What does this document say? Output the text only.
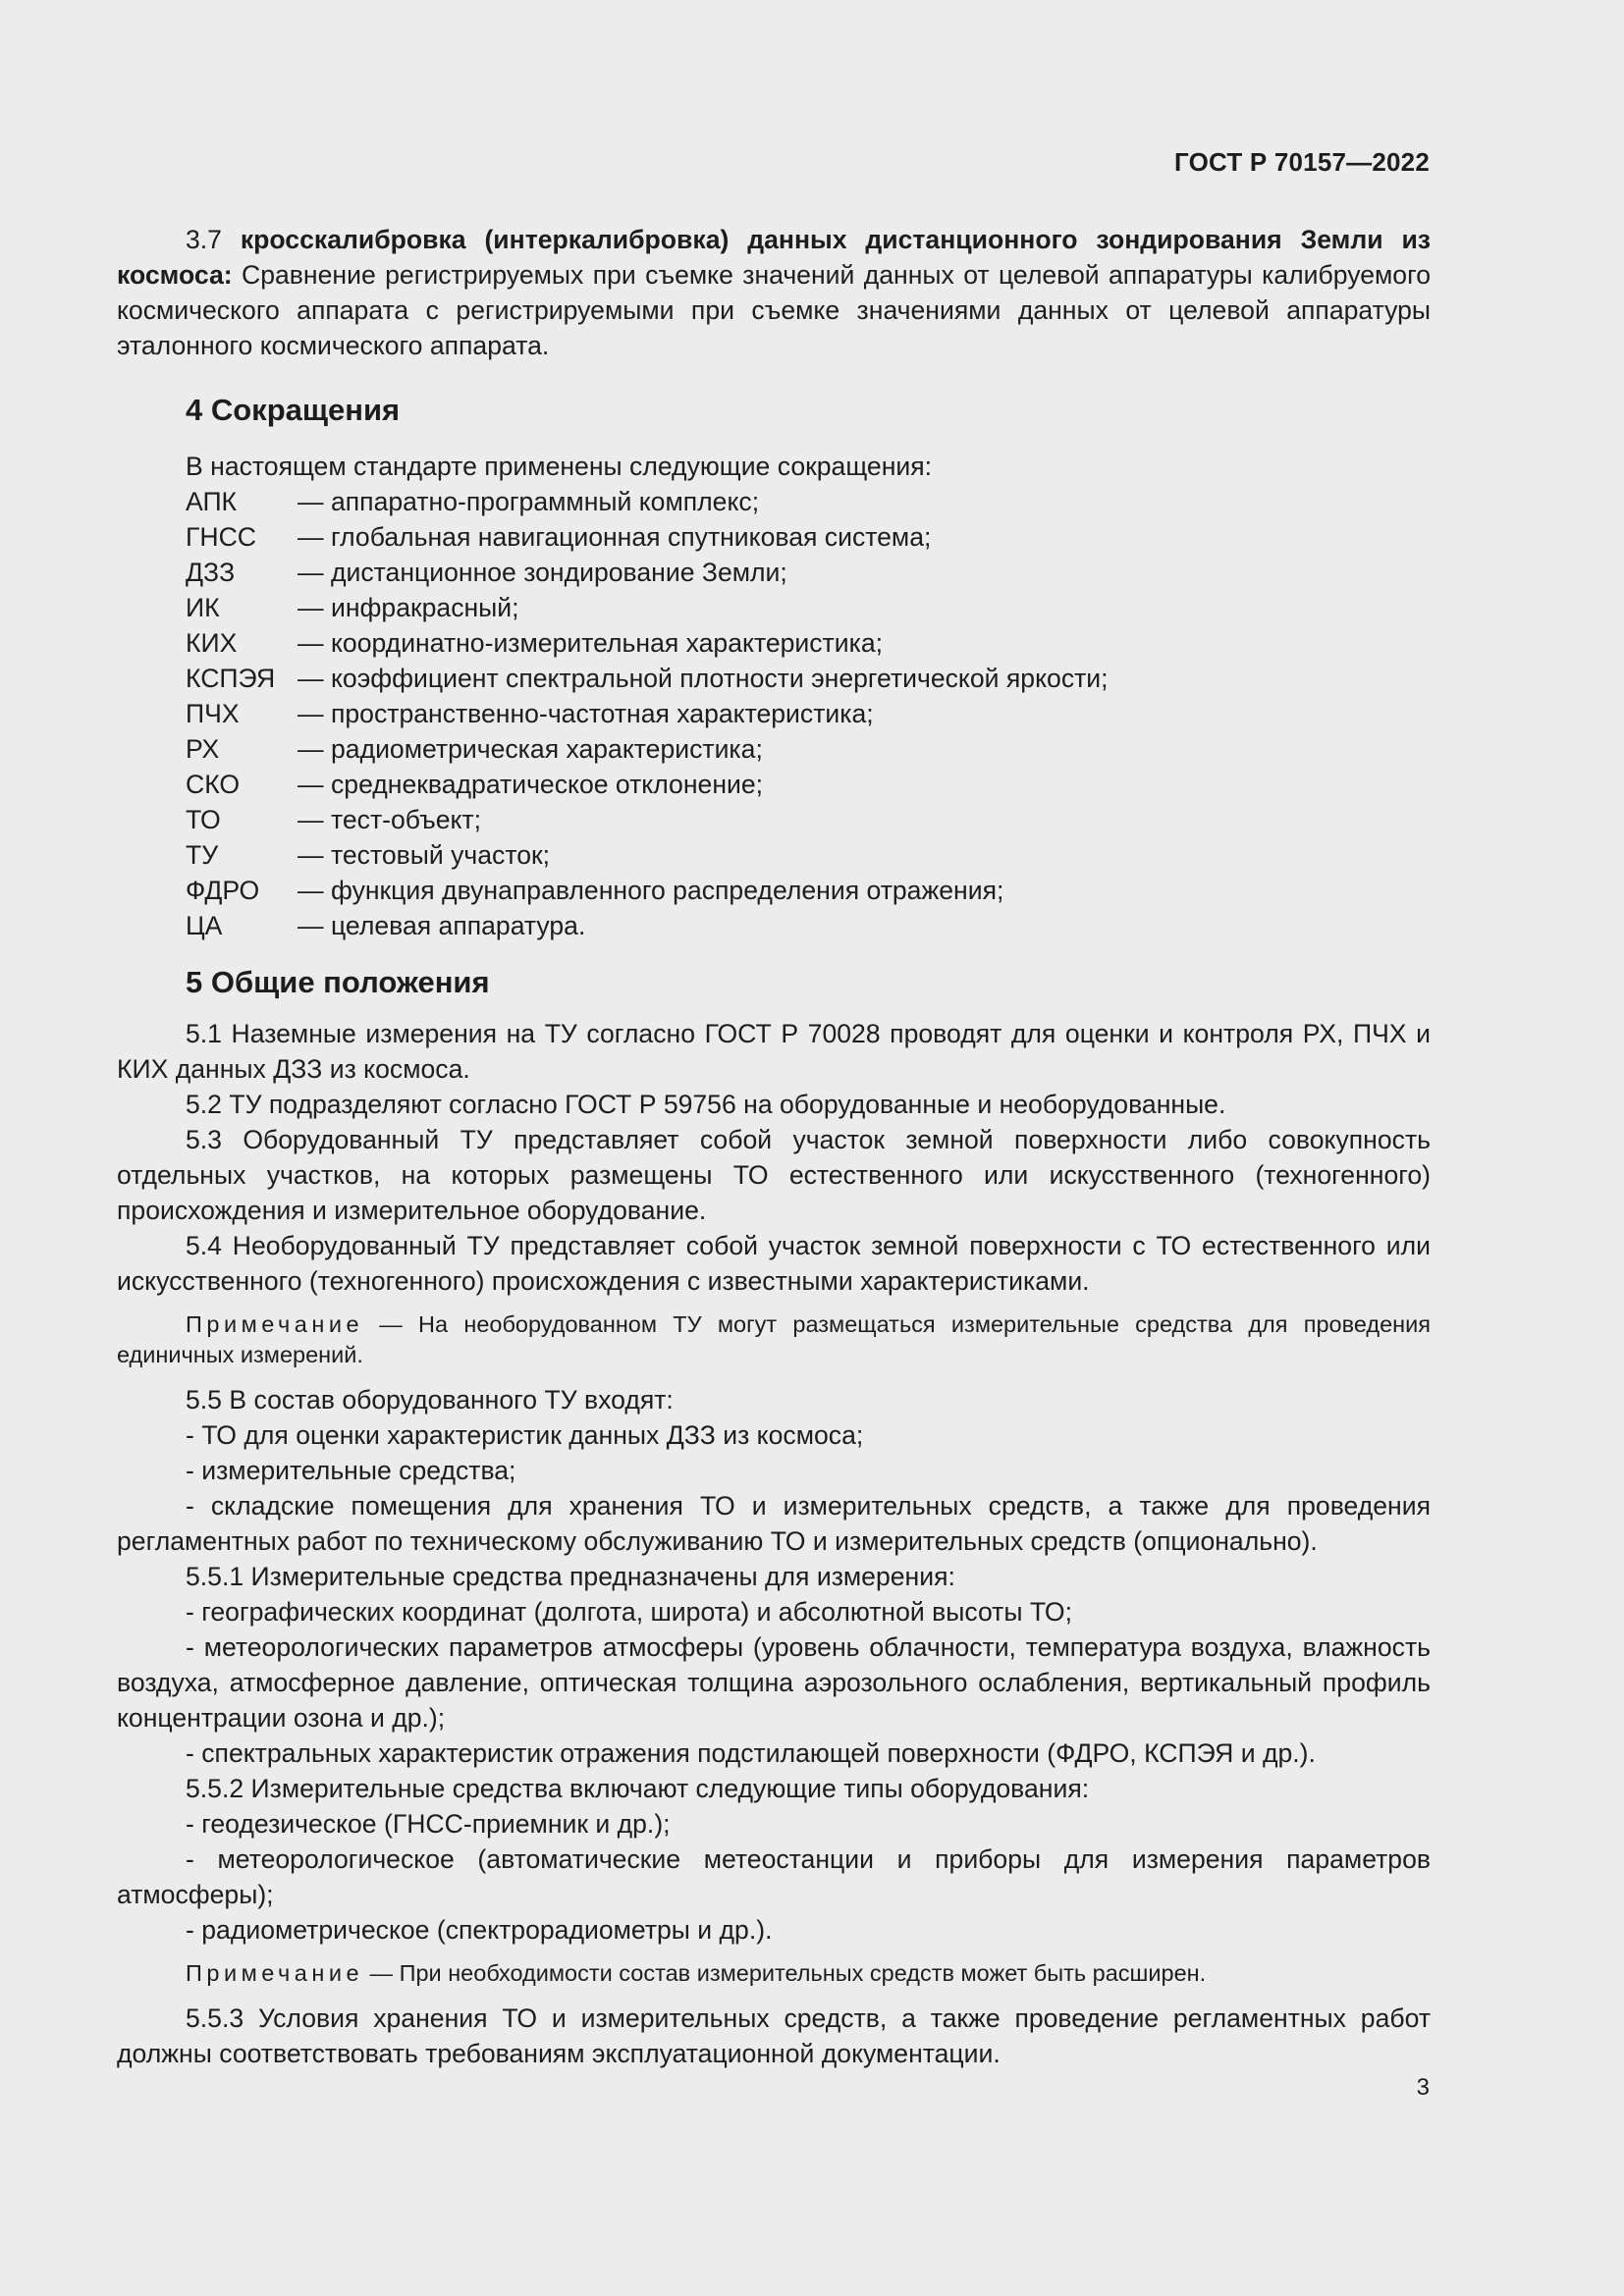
ГОСТ Р 70157—2022

3.7 кросскалибровка (интеркалибровка) данных дистанционного зондирования Земли из космоса: Сравнение регистрируемых при съемке значений данных от целевой аппаратуры калибруемого космического аппарата с регистрируемыми при съемке значениями данных от целевой аппаратуры эталонного космического аппарата.

4 Сокращения

В настоящем стандарте применены следующие сокращения:

АПК	— аппаратно-программный комплекс;
ГНСС	— глобальная навигационная спутниковая система;
ДЗЗ	— дистанционное зондирование Земли;
ИК	— инфракрасный;
КИХ	— координатно-измерительная характеристика;
КСПЭЯ — коэффициент спектральной плотности энергетической яркости;
ПЧХ	— пространственно-частотная характеристика;
РХ	— радиометрическая характеристика;
СКО	— среднеквадратическое отклонение;
ТО	— тест-объект;
ТУ	— тестовый участок;
ФДРО	— функция двунаправленного распределения отражения;
ЦА	— целевая аппаратура.
5 Общие положения

5.1 Наземные измерения на ТУ согласно ГОСТ Р 70028 проводят для оценки и контроля РХ, ПЧХ и КИХ данных ДЗЗ из космоса.

5.2 ТУ подразделяют согласно ГОСТ Р 59756 на оборудованные и необорудованные.

5.3 Оборудованный ТУ представляет собой участок земной поверхности либо совокупность отдельных участков, на которых размещены ТО естественного или искусственного (техногенного) происхождения и измерительное оборудование.

5.4 Необорудованный ТУ представляет собой участок земной поверхности с ТО естественного или искусственного (техногенного) происхождения с известными характеристиками.

Примечание — На необорудованном ТУ могут размещаться измерительные средства для проведения единичных измерений.

5.5 В состав оборудованного ТУ входят:

- ТО для оценки характеристик данных ДЗЗ из космоса;

- измерительные средства;

- складские помещения для хранения ТО и измерительных средств, а также для проведения регламентных работ по техническому обслуживанию ТО и измерительных средств (опционально).

5.5.1 Измерительные средства предназначены для измерения:

- географических координат (долгота, широта) и абсолютной высоты ТО;

- метеорологических параметров атмосферы (уровень облачности, температура воздуха, влажность воздуха, атмосферное давление, оптическая толщина аэрозольного ослабления, вертикальный профиль концентрации озона и др.);

- спектральных характеристик отражения подстилающей поверхности (ФДРО, КСПЭЯ и др.).

5.5.2 Измерительные средства включают следующие типы оборудования:

- геодезическое (ГНСС-приемник и др.);

- метеорологическое (автоматические метеостанции и приборы для измерения параметров атмосферы);

- радиометрическое (спектрорадиометры и др.).

Примечание — При необходимости состав измерительных средств может быть расширен.

5.5.3 Условия хранения ТО и измерительных средств, а также проведение регламентных работ должны соответствовать требованиям эксплуатационной документации.

3
